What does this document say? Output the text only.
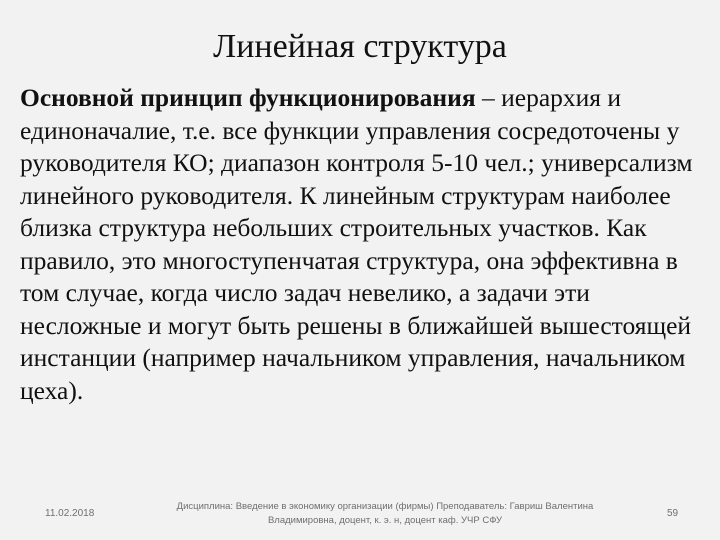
Линейная структура
Основной принцип функционирования – иерархия и единоначалие, т.е. все функции управления сосредоточены у руководителя КО; диапазон контроля 5-10 чел.; универсализм линейного руководителя. К линейным структурам наиболее близка структура небольших строительных участков. Как правило, это многоступенчатая структура, она эффективна в том случае, когда число задач невелико, а задачи эти несложные и могут быть решены в ближайшей вышестоящей инстанции (например начальником управления, начальником цеха).
11.02.2018
Дисциплина: Введение в экономику организации (фирмы) Преподаватель: Гавриш Валентина
Владимировна, доцент, к. э. н, доцент каф. УЧР СФУ
59
